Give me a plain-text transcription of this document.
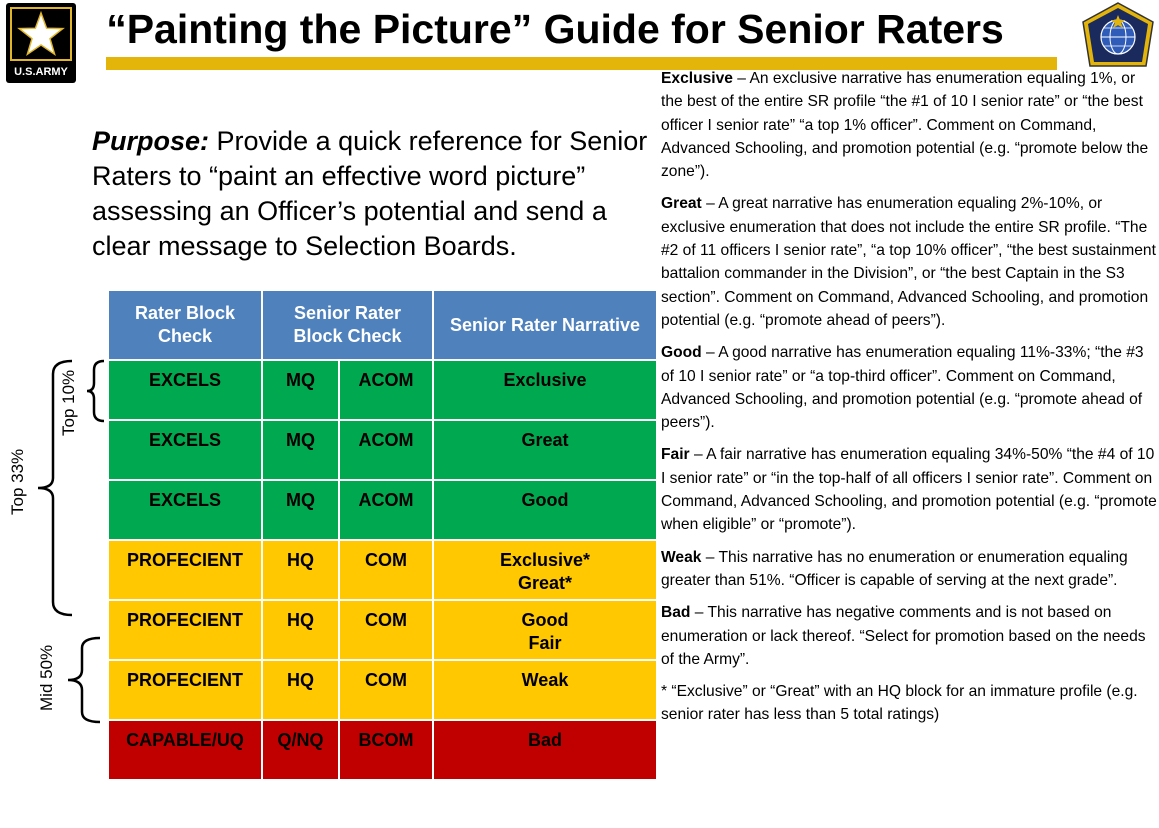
U.S.ARMY
“Painting the Picture” Guide for Senior Raters
Purpose: Provide a quick reference for Senior Raters to “paint an effective word picture” assessing an Officer’s potential and send a clear message to Selection Boards.
Rater Block Check	Senior Rater Block Check		Senior Rater Narrative
EXCELS	MQ	ACOM	Exclusive
EXCELS	MQ	ACOM	Great
EXCELS	MQ	ACOM	Good
PROFECIENT	HQ	COM	Exclusive*
Great*
PROFECIENT	HQ	COM	Good
Fair
PROFECIENT	HQ	COM	Weak
CAPABLE/UQ	Q/NQ	BCOM	Bad
Top 10%
Top 33%
Mid 50%

Exclusive – An exclusive narrative has enumeration equaling 1%, or the best of the entire SR profile “the #1 of 10 I senior rate” or “the best officer I senior rate” “a top 1% officer”. Comment on Command, Advanced Schooling, and promotion potential (e.g. “promote below the zone”).

Great – A great narrative has enumeration equaling 2%-10%, or exclusive enumeration that does not include the entire SR profile. “The #2 of 11 officers I senior rate”, “a top 10% officer”, “the best sustainment battalion commander in the Division”, or “the best Captain in the S3 section”. Comment on Command, Advanced Schooling, and promotion potential (e.g. “promote ahead of peers”).

Good – A good narrative has enumeration equaling 11%-33%; “the #3 of 10 I senior rate” or “a top-third officer”. Comment on Command, Advanced Schooling, and promotion potential (e.g. “promote ahead of peers”).

Fair – A fair narrative has enumeration equaling 34%-50% “the #4 of 10 I senior rate” or “in the top-half of all officers I senior rate”. Comment on Command, Advanced Schooling, and promotion potential (e.g. “promote when eligible” or “promote”).

Weak – This narrative has no enumeration or enumeration equaling greater than 51%. “Officer is capable of serving at the next grade”.

Bad – This narrative has negative comments and is not based on enumeration or lack thereof. “Select for promotion based on the needs of the Army”.

* “Exclusive” or “Great” with an HQ block for an immature profile (e.g. senior rater has less than 5 total ratings)
